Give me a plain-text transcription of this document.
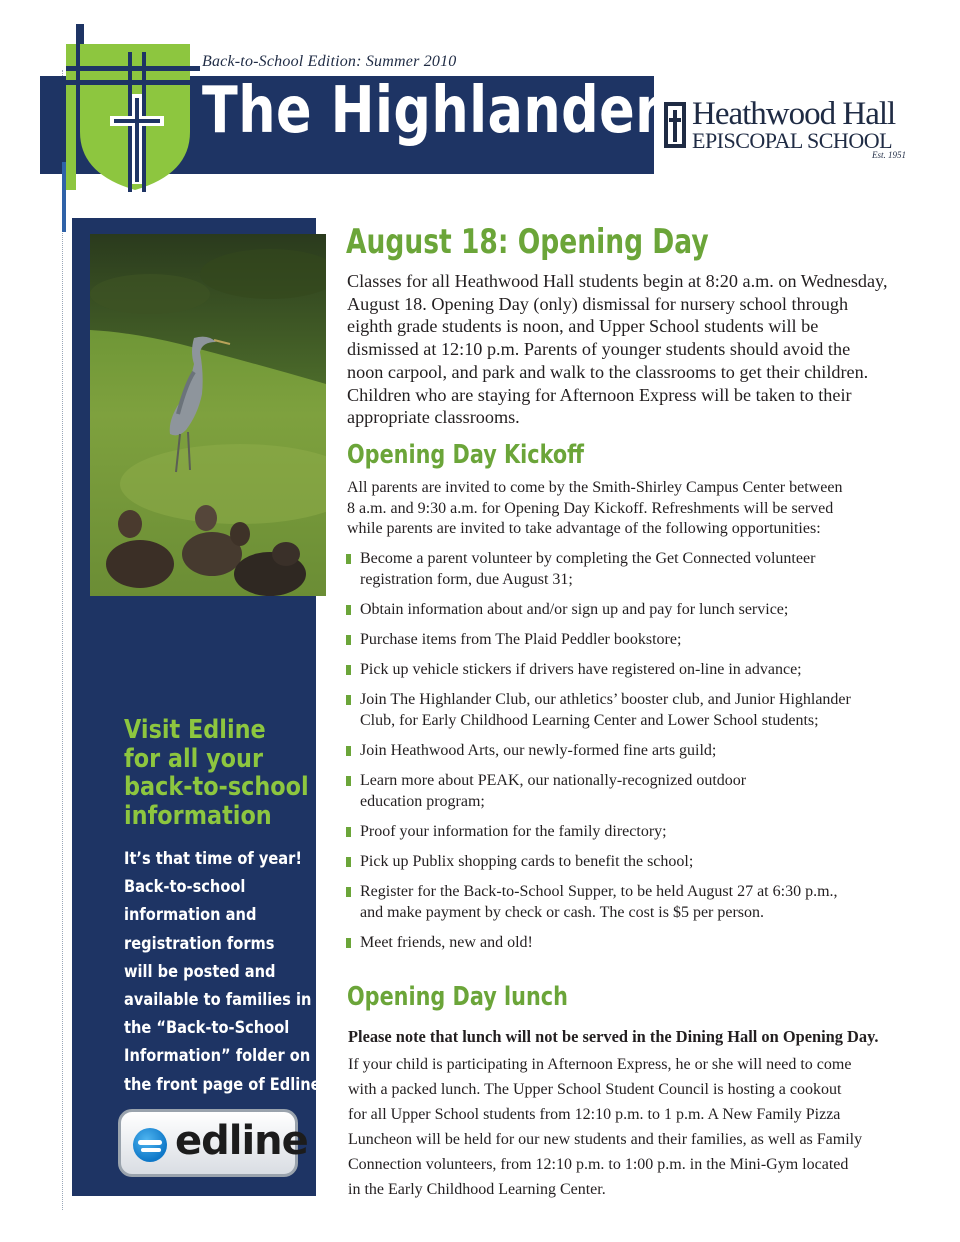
Back-to-School Edition: Summer 2010
The Highlander Heathwood Hall
EPISCOPAL SCHOOL
Est. 1951
Visit Edline
for all your
back-to-school
information
It’s that time of year!
Back-to-school
information and
registration forms
will be posted and
available to families in
the “Back-to-School
Information” folder on
the front page of Edline.
edline
August 18: Opening Day
Classes for all Heathwood Hall students begin at 8:20 a.m. on Wednesday,
August 18. Opening Day (only) dismissal for nursery school through
eighth grade students is noon, and Upper School students will be
dismissed at 12:10 p.m. Parents of younger students should avoid the
noon carpool, and park and walk to the classrooms to get their children.
Children who are staying for Afternoon Express will be taken to their
appropriate classrooms.
Opening Day Kickoff
All parents are invited to come by the Smith-Shirley Campus Center between
8 a.m. and 9:30 a.m. for Opening Day Kickoff. Refreshments will be served
while parents are invited to take advantage of the following opportunities:
Become a parent volunteer by completing the Get Connected volunteer
registration form, due August 31;
Obtain information about and/or sign up and pay for lunch service;
Purchase items from The Plaid Peddler bookstore;
Pick up vehicle stickers if drivers have registered on-line in advance;
Join The Highlander Club, our athletics’ booster club, and Junior Highlander
Club, for Early Childhood Learning Center and Lower School students;
Join Heathwood Arts, our newly-formed fine arts guild;
Learn more about PEAK, our nationally-recognized outdoor
education program;
Proof your information for the family directory;
Pick up Publix shopping cards to benefit the school;
Register for the Back-to-School Supper, to be held August 27 at 6:30 p.m.,
and make payment by check or cash. The cost is $5 per person.
Meet friends, new and old!
Opening Day lunch
Please note that lunch will not be served in the Dining Hall on Opening Day.
If your child is participating in Afternoon Express, he or she will need to come
with a packed lunch. The Upper School Student Council is hosting a cookout
for all Upper School students from 12:10 p.m. to 1 p.m. A New Family Pizza
Luncheon will be held for our new students and their families, as well as Family
Connection volunteers, from 12:10 p.m. to 1:00 p.m. in the Mini-Gym located
in the Early Childhood Learning Center.
